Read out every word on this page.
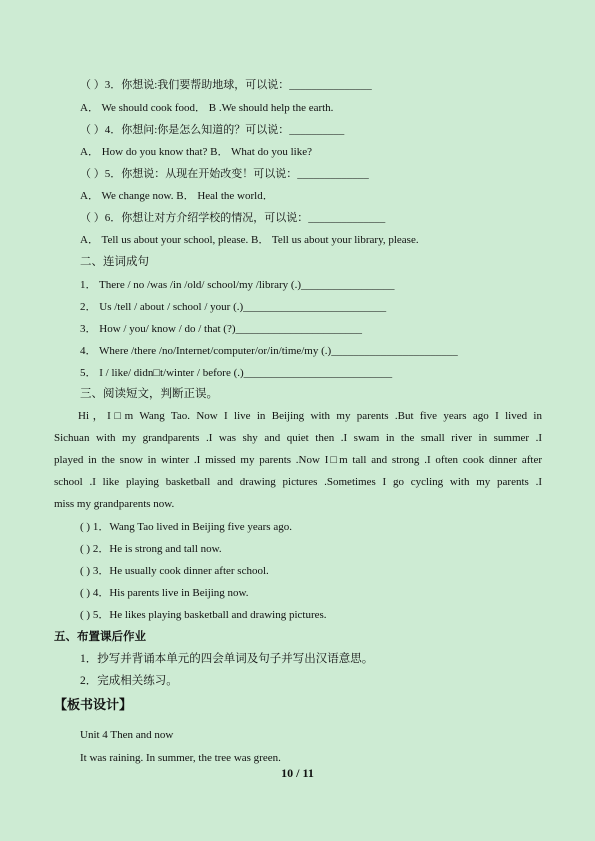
（ ）3．你想说:我们要帮助地球，可以说：_______________
A． We should cook food． B .We should help the earth.
（ ）4．你想问:你是怎么知道的？可以说：__________
A． How do you know that? B． What do you like?
（ ）5．你想说：从现在开始改变！可以说：_____________
A． We change now. B． Heal the world．
（ ）6．你想让对方介绍学校的情况，可以说：______________
A． Tell us about your school, please. B． Tell us about your library, please.
二、连词成句
1． There / no /was /in /old/ school/my /library (.)_________________
2． Us /tell / about / school / your (.)__________________________
3． How / you/ know / do / that (?)_______________________
4． Where /there /no/Internet/computer/or/in/time/my (.)_______________________
5． I / like/ didn□t/winter / before (.)___________________________
三、阅读短文，判断正误。
Hi，I□m Wang Tao. Now I live in Beijing with my parents .But five years ago I lived in
Sichuan with my grandparents .I was shy and quiet then .I swam in the small river in summer .I
played in the snow in winter .I missed my parents .Now I□m tall and strong .I often cook dinner after
school .I like playing basketball and drawing pictures .Sometimes I go cycling with my parents .I
miss my grandparents now.
( ) 1．Wang Tao lived in Beijing five years ago.
( ) 2．He is strong and tall now.
( ) 3．He usually cook dinner after school.
( ) 4．His parents live in Beijing now.
( ) 5．He likes playing basketball and drawing pictures.
五、布置课后作业
1．抄写并背诵本单元的四会单词及句子并写出汉语意思。
2．完成相关练习。
【板书设计】
Unit 4 Then and now
It was raining. In summer, the tree was green.
10 / 11
